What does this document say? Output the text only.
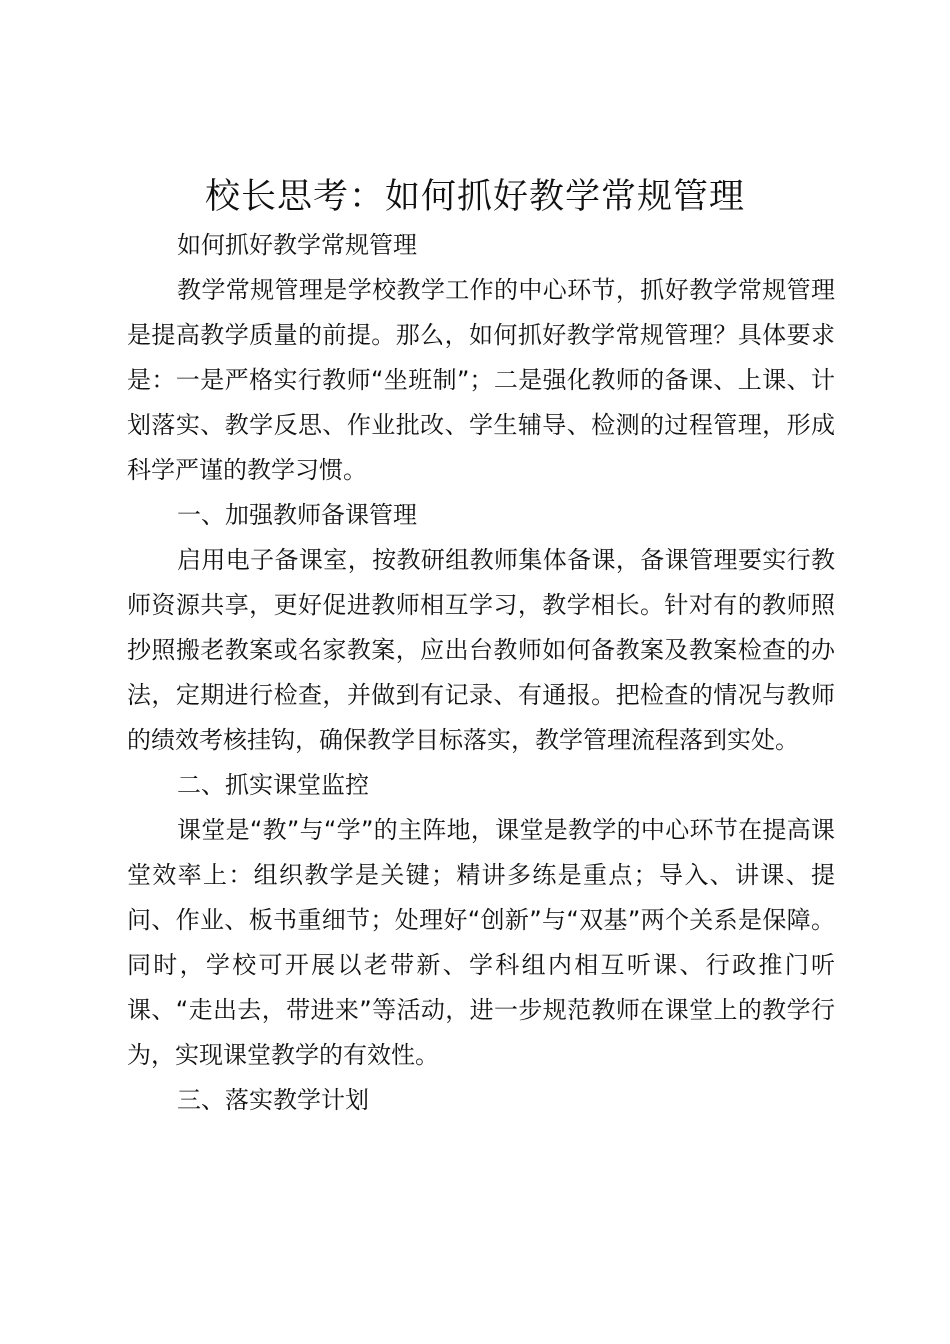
校长思考：如何抓好教学常规管理

如何抓好教学常规管理

教学常规管理是学校教学工作的中心环节，抓好教学常规管理是提高教学质量的前提。那么，如何抓好教学常规管理？具体要求是：一是严格实行教师“坐班制”；二是强化教师的备课、上课、计划落实、教学反思、作业批改、学生辅导、检测的过程管理，形成科学严谨的教学习惯。

一、加强教师备课管理

启用电子备课室，按教研组教师集体备课，备课管理要实行教师资源共享，更好促进教师相互学习，教学相长。针对有的教师照抄照搬老教案或名家教案，应出台教师如何备教案及教案检查的办法，定期进行检查，并做到有记录、有通报。把检查的情况与教师的绩效考核挂钩，确保教学目标落实，教学管理流程落到实处。

二、抓实课堂监控

课堂是“教”与“学”的主阵地，课堂是教学的中心环节在提高课堂效率上：组织教学是关键；精讲多练是重点；导入、讲课、提问、作业、板书重细节；处理好“创新”与“双基”两个关系是保障。同时，学校可开展以老带新、学科组内相互听课、行政推门听课、“走出去，带进来”等活动，进一步规范教师在课堂上的教学行为，实现课堂教学的有效性。

三、落实教学计划
